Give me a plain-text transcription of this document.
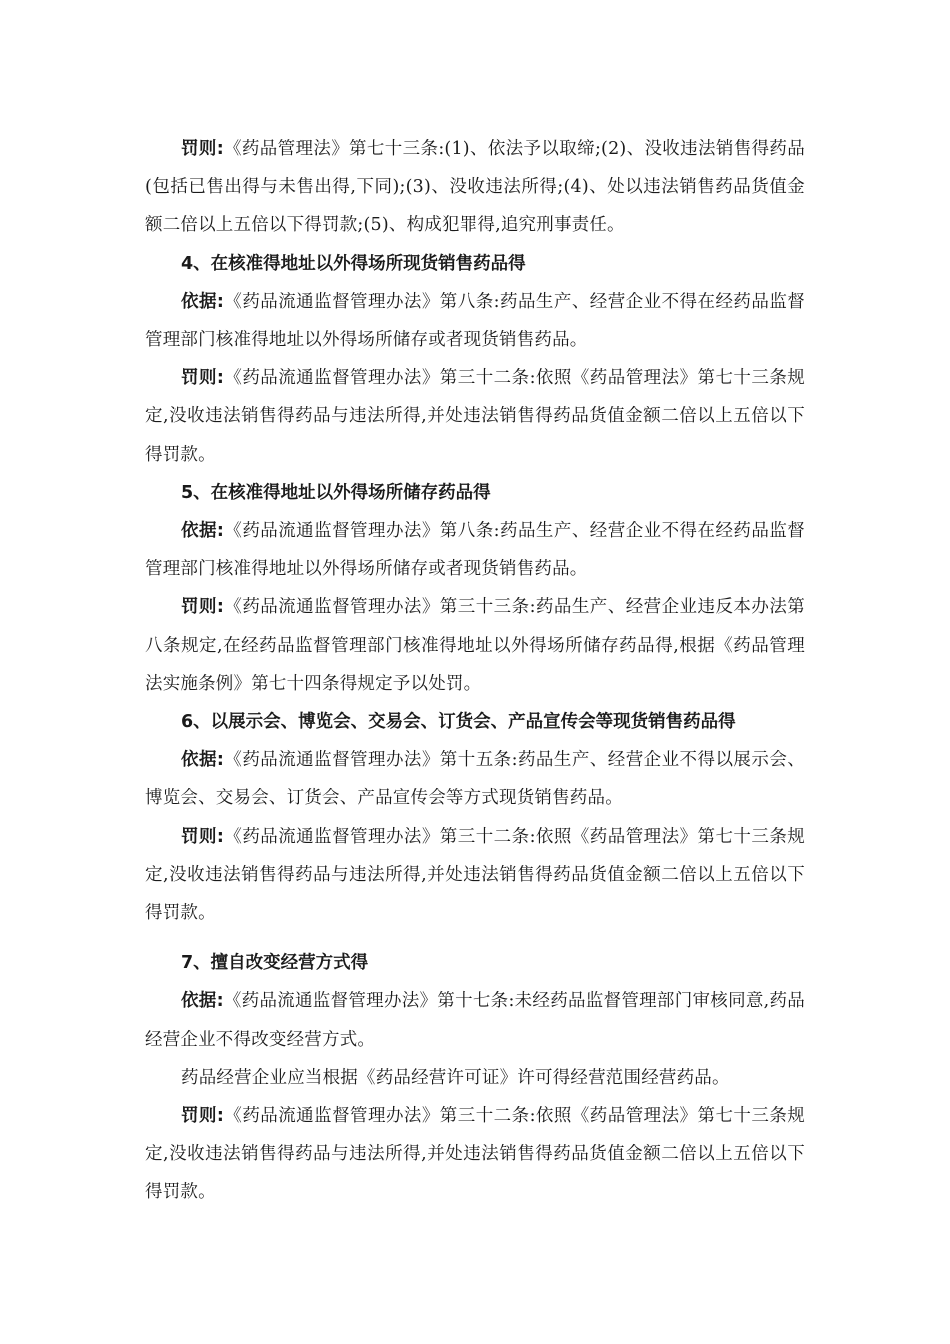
罚则:《药品管理法》第七十三条:(1)、依法予以取缔;(2)、没收违法销售得药品(包括已售出得与未售出得,下同);(3)、没收违法所得;(4)、处以违法销售药品货值金额二倍以上五倍以下得罚款;(5)、构成犯罪得,追究刑事责任。

4、在核准得地址以外得场所现货销售药品得

依据:《药品流通监督管理办法》第八条:药品生产、经营企业不得在经药品监督管理部门核准得地址以外得场所储存或者现货销售药品。

罚则:《药品流通监督管理办法》第三十二条:依照《药品管理法》第七十三条规定,没收违法销售得药品与违法所得,并处违法销售得药品货值金额二倍以上五倍以下得罚款。

5、在核准得地址以外得场所储存药品得

依据:《药品流通监督管理办法》第八条:药品生产、经营企业不得在经药品监督管理部门核准得地址以外得场所储存或者现货销售药品。

罚则:《药品流通监督管理办法》第三十三条:药品生产、经营企业违反本办法第八条规定,在经药品监督管理部门核准得地址以外得场所储存药品得,根据《药品管理法实施条例》第七十四条得规定予以处罚。

6、以展示会、博览会、交易会、订货会、产品宣传会等现货销售药品得

依据:《药品流通监督管理办法》第十五条:药品生产、经营企业不得以展示会、博览会、交易会、订货会、产品宣传会等方式现货销售药品。

罚则:《药品流通监督管理办法》第三十二条:依照《药品管理法》第七十三条规定,没收违法销售得药品与违法所得,并处违法销售得药品货值金额二倍以上五倍以下得罚款。

7、擅自改变经营方式得

依据:《药品流通监督管理办法》第十七条:未经药品监督管理部门审核同意,药品经营企业不得改变经营方式。

药品经营企业应当根据《药品经营许可证》许可得经营范围经营药品。

罚则:《药品流通监督管理办法》第三十二条:依照《药品管理法》第七十三条规定,没收违法销售得药品与违法所得,并处违法销售得药品货值金额二倍以上五倍以下得罚款。
